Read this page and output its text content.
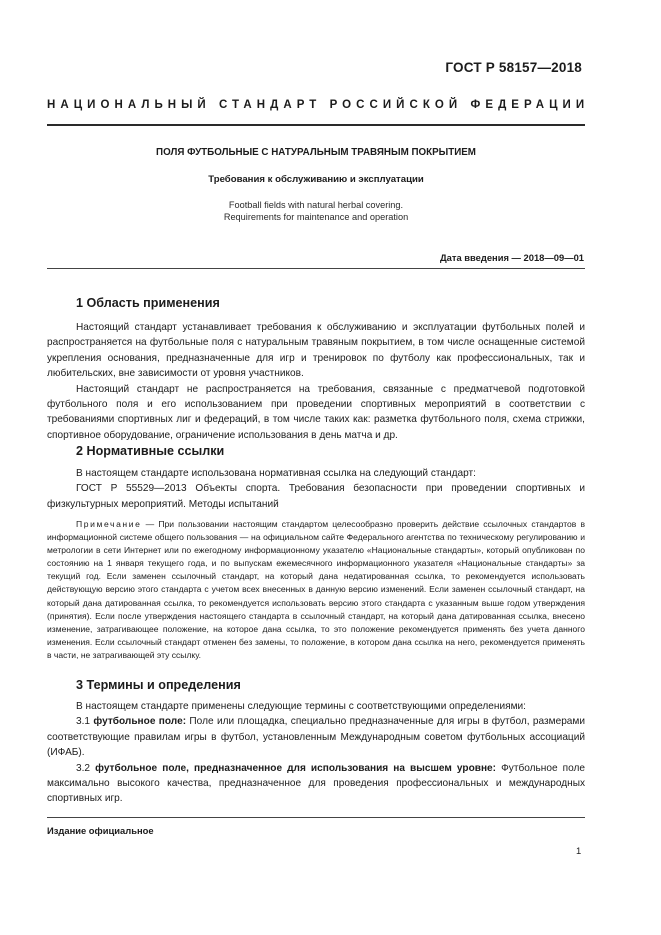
ГОСТ Р 58157—2018
НАЦИОНАЛЬНЫЙ СТАНДАРТ РОССИЙСКОЙ ФЕДЕРАЦИИ
ПОЛЯ ФУТБОЛЬНЫЕ С НАТУРАЛЬНЫМ ТРАВЯНЫМ ПОКРЫТИЕМ
Требования к обслуживанию и эксплуатации
Football fields with natural herbal covering.
Requirements for maintenance and operation
Дата введения — 2018—09—01
1 Область применения

Настоящий стандарт устанавливает требования к обслуживанию и эксплуатации футбольных полей и распространяется на футбольные поля с натуральным травяным покрытием, в том числе оснащенные системой укрепления основания, предназначенные для игр и тренировок по футболу как профессиональных, так и любительских, вне зависимости от уровня участников.

Настоящий стандарт не распространяется на требования, связанные с предматчевой подготовкой футбольного поля и его использованием при проведении спортивных мероприятий в соответствии с требованиями спортивных лиг и федераций, в том числе таких как: разметка футбольного поля, схема стрижки, спортивное оборудование, ограничение использования в день матча и др.

2 Нормативные ссылки

В настоящем стандарте использована нормативная ссылка на следующий стандарт:

ГОСТ Р 55529—2013 Объекты спорта. Требования безопасности при проведении спортивных и физкультурных мероприятий. Методы испытаний

Примечание — При пользовании настоящим стандартом целесообразно проверить действие ссылочных стандартов в информационной системе общего пользования — на официальном сайте Федерального агентства по техническому регулированию и метрологии в сети Интернет или по ежегодному информационному указателю «Национальные стандарты», который опубликован по состоянию на 1 января текущего года, и по выпускам ежемесячного информационного указателя «Национальные стандарты» за текущий год. Если заменен ссылочный стандарт, на который дана недатированная ссылка, то рекомендуется использовать действующую версию этого стандарта с учетом всех внесенных в данную версию изменений. Если заменен ссылочный стандарт, на который дана датированная ссылка, то рекомендуется использовать версию этого стандарта с указанным выше годом утверждения (принятия). Если после утверждения настоящего стандарта в ссылочный стандарт, на который дана датированная ссылка, внесено изменение, затрагивающее положение, на которое дана ссылка, то это положение рекомендуется применять без учета данного изменения. Если ссылочный стандарт отменен без замены, то положение, в котором дана ссылка на него, рекомендуется применять в части, не затрагивающей эту ссылку.

3 Термины и определения

В настоящем стандарте применены следующие термины с соответствующими определениями:

3.1 футбольное поле: Поле или площадка, специально предназначенные для игры в футбол, размерами соответствующие правилам игры в футбол, установленным Международным советом футбольных ассоциаций (ИФАБ).

3.2 футбольное поле, предназначенное для использования на высшем уровне: Футбольное поле максимально высокого качества, предназначенное для проведения профессиональных и международных спортивных игр.

Издание официальное
1
